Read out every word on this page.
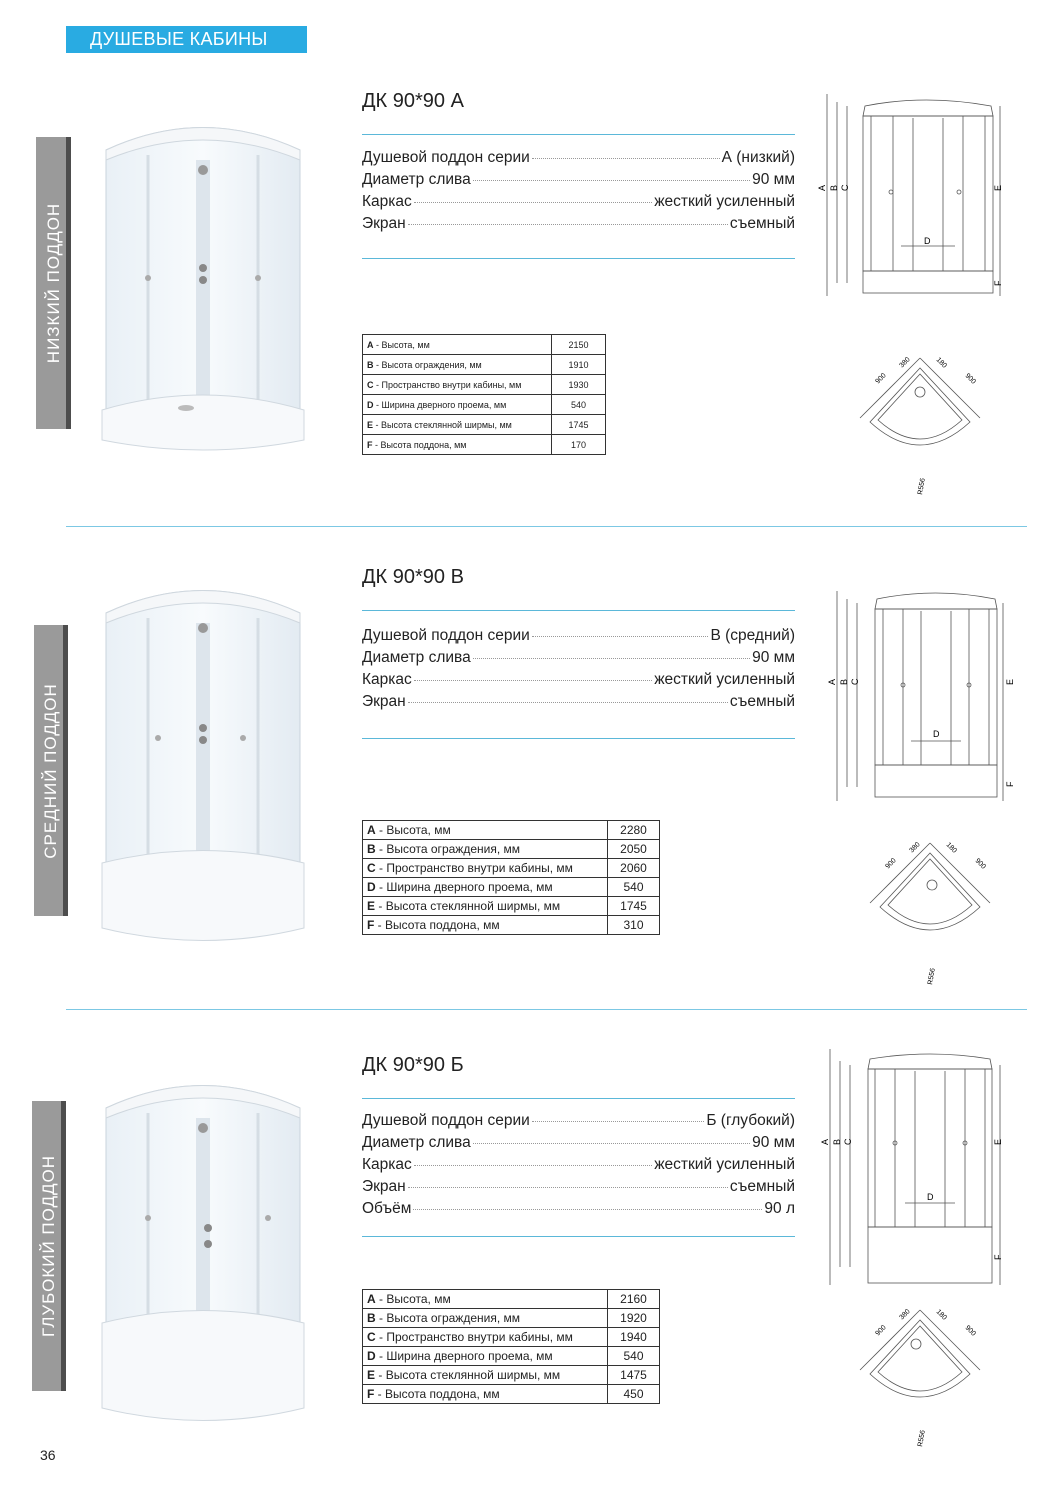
ДУШЕВЫЕ КАБИНЫ
НИЗКИЙ ПОДДОН
ДК 90*90 А
Душевой поддон серии	А (низкий)
Диаметр слива	90 мм
Каркас	жесткий усиленный
Экран	съемный
A - Высота, мм	2150
B - Высота ограждения, мм	1910
C - Пространство внутри кабины, мм	1930
D - Ширина дверного проема, мм	540
E - Высота стеклянной ширмы, мм	1745
F - Высота поддона, мм	170
A B C
D
E
F
900	900
380	180
R556
СРЕДНИЙ ПОДДОН
ДК 90*90 В
Душевой поддон серии	В (средний)
Диаметр слива	90 мм
Каркас	жесткий усиленный
Экран	съемный
A - Высота, мм	2280
B - Высота ограждения, мм	2050
C - Пространство внутри кабины, мм	2060
D - Ширина дверного проема, мм	540
E - Высота стеклянной ширмы, мм	1745
F - Высота поддона, мм	310
A B C
D
E
F
900	900
380	180
R556
ГЛУБОКИЙ ПОДДОН
ДК 90*90 Б
Душевой поддон серии	Б (глубокий)
Диаметр слива	90 мм
Каркас	жесткий усиленный
Экран	съемный
Объём	90 л
A - Высота, мм	2160
B - Высота ограждения, мм	1920
C - Пространство внутри кабины, мм	1940
D - Ширина дверного проема, мм	540
E - Высота стеклянной ширмы, мм	1475
F - Высота поддона, мм	450
A B C
D
E
F
900	900
380	180
R556
36
